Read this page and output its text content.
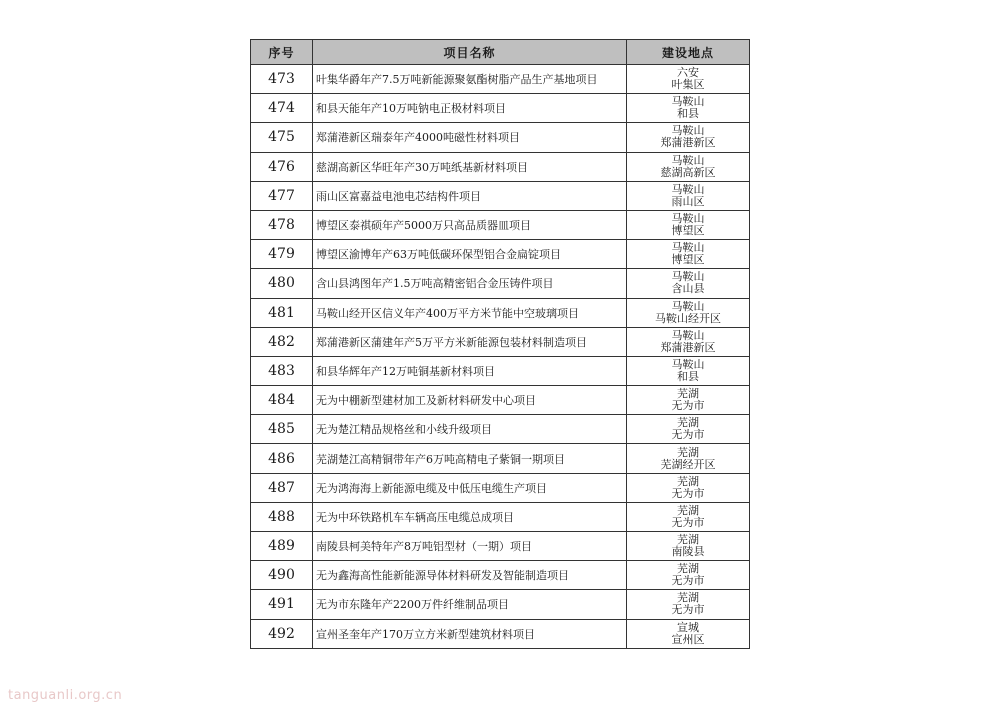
序号	项目名称	建设地点
473	叶集华爵年产7.5万吨新能源聚氨酯树脂产品生产基地项目	六安
叶集区

474	和县天能年产10万吨钠电正极材料项目	马鞍山
和县

475	郑蒲港新区瑞泰年产4000吨磁性材料项目	马鞍山
郑蒲港新区

476	慈湖高新区华旺年产30万吨纸基新材料项目	马鞍山
慈湖高新区

477	雨山区富嘉益电池电芯结构件项目	马鞍山
雨山区

478	博望区泰祺硕年产5000万只高品质器皿项目	马鞍山
博望区

479	博望区渝博年产63万吨低碳环保型铝合金扁锭项目	马鞍山
博望区

480	含山县鸿图年产1.5万吨高精密铝合金压铸件项目	马鞍山
含山县

481	马鞍山经开区信义年产400万平方米节能中空玻璃项目	马鞍山
马鞍山经开区

482	郑蒲港新区蒲建年产5万平方米新能源包装材料制造项目	马鞍山
郑蒲港新区

483	和县华辉年产12万吨铜基新材料项目	马鞍山
和县

484	无为中棚新型建材加工及新材料研发中心项目	芜湖
无为市

485	无为楚江精品规格丝和小线升级项目	芜湖
无为市

486	芜湖楚江高精铜带年产6万吨高精电子紫铜一期项目	芜湖
芜湖经开区

487	无为鸿海海上新能源电缆及中低压电缆生产项目	芜湖
无为市

488	无为中环铁路机车车辆高压电缆总成项目	芜湖
无为市

489	南陵县柯美特年产8万吨铝型材（一期）项目	芜湖
南陵县

490	无为鑫海高性能新能源导体材料研发及智能制造项目	芜湖
无为市

491	无为市东隆年产2200万件纤维制品项目	芜湖
无为市

492	宣州圣奎年产170万立方米新型建筑材料项目	宣城
宣州区
tanguanli.org.cn
